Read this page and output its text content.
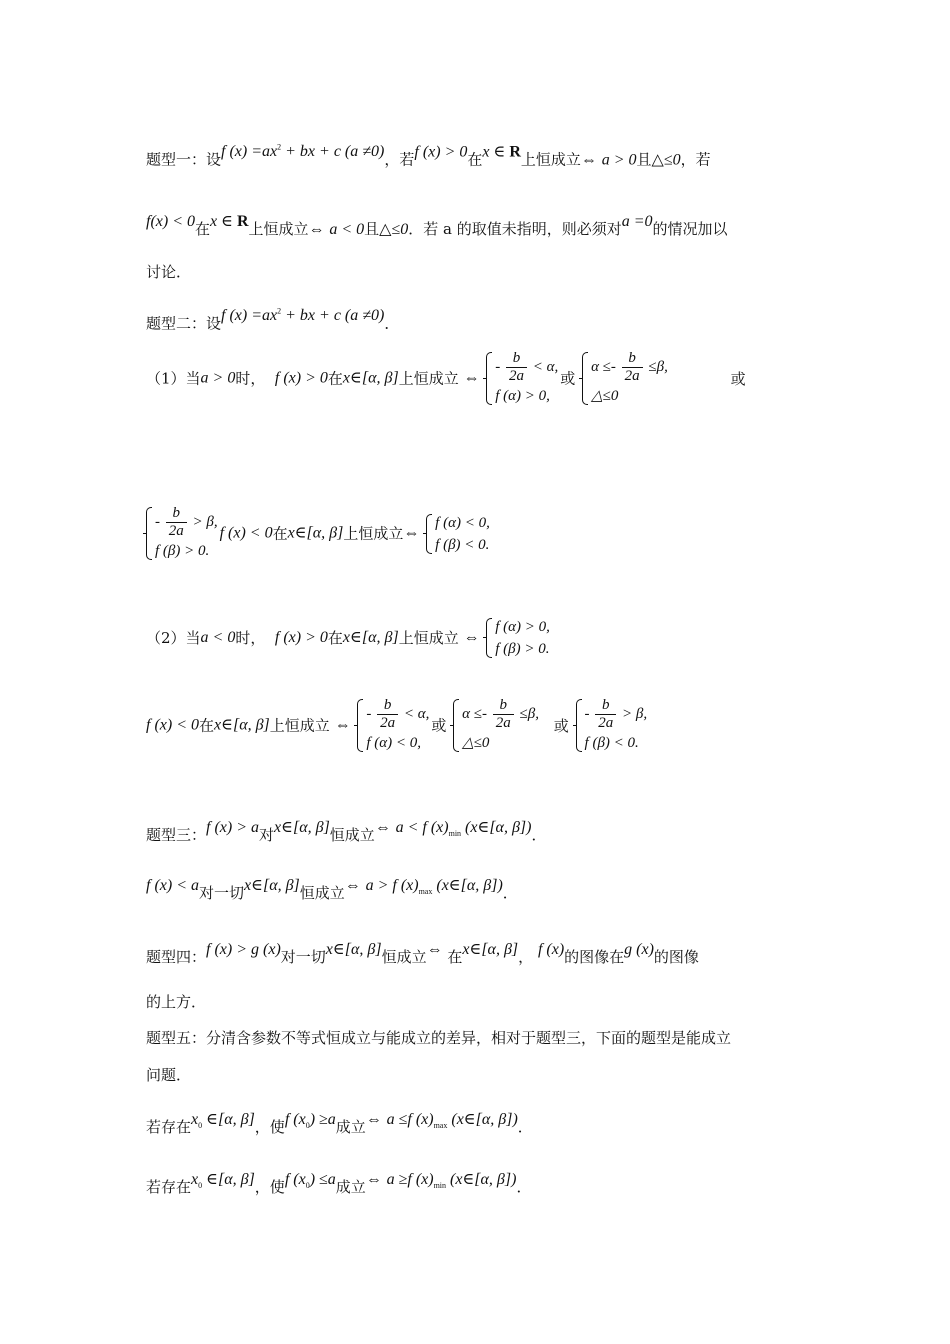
题型一：设f $(x) =ax^2$ + bx + c (a ≠0)，若f (x) > 0在x ∈ R上恒成立⇔ a > 0且△≤0，若
f(x) < 0在x ∈ R上恒成立⇔ a < 0且△≤0．若 a 的取值未指明，则必须对a =0的情况加以
讨论．
题型二：设f $(x) =ax^2$ + bx + c (a ≠0)．
（1）当a > 0时， f (x) > 0在x∈[α, β]上恒成立 ⇔
- $\frac{b}{2a} < \alpha$,
f (α) > 0,
或
$\alpha \le- \frac{b}{2a} \le\beta$,
△≤0
或
- $\frac{b}{2a} > \beta$,
f (β) > 0.
f (x) < 0在x∈[α, β]上恒成立⇔
f (α) < 0,
f (β) < 0.
（2）当a < 0时， f (x) > 0在x∈[α, β]上恒成立 ⇔
f (α) > 0,
f (β) > 0.
f (x) < 0在x∈[α, β]上恒成立 ⇔
- $\frac{b}{2a} < \alpha$,
f (α) < 0,
或
$\alpha \le- \frac{b}{2a} \le\beta$,
△≤0
或
- $\frac{b}{2a} > \beta$,
f (β) < 0.
题型三：f (x) > a对x∈[α, β]恒成立⇔ a < f $(x)_{min}$ (x∈[α, β])．
f (x) < a对一切x∈[α, β]恒成立⇔ a > f $(x)_{max}$ (x∈[α, β])．
题型四：f (x) > g (x)对一切x∈[α, β]恒成立⇔ 在x∈[α, β]， f (x)的图像在g (x)的图像
的上方．
题型五：分清含参数不等式恒成立与能成立的差异，相对于题型三，下面的题型是能成立
问题．
若存在$x_0$ ∈[α, β]，使f $(x_0) \ge a$成立⇔ a ≤f $(x)_{max}$ (x∈[α, β])．
若存在$x_0$ ∈[α, β]，使f $(x_0) \le a$成立⇔ a ≥f $(x)_{min}$ (x∈[α, β])．
